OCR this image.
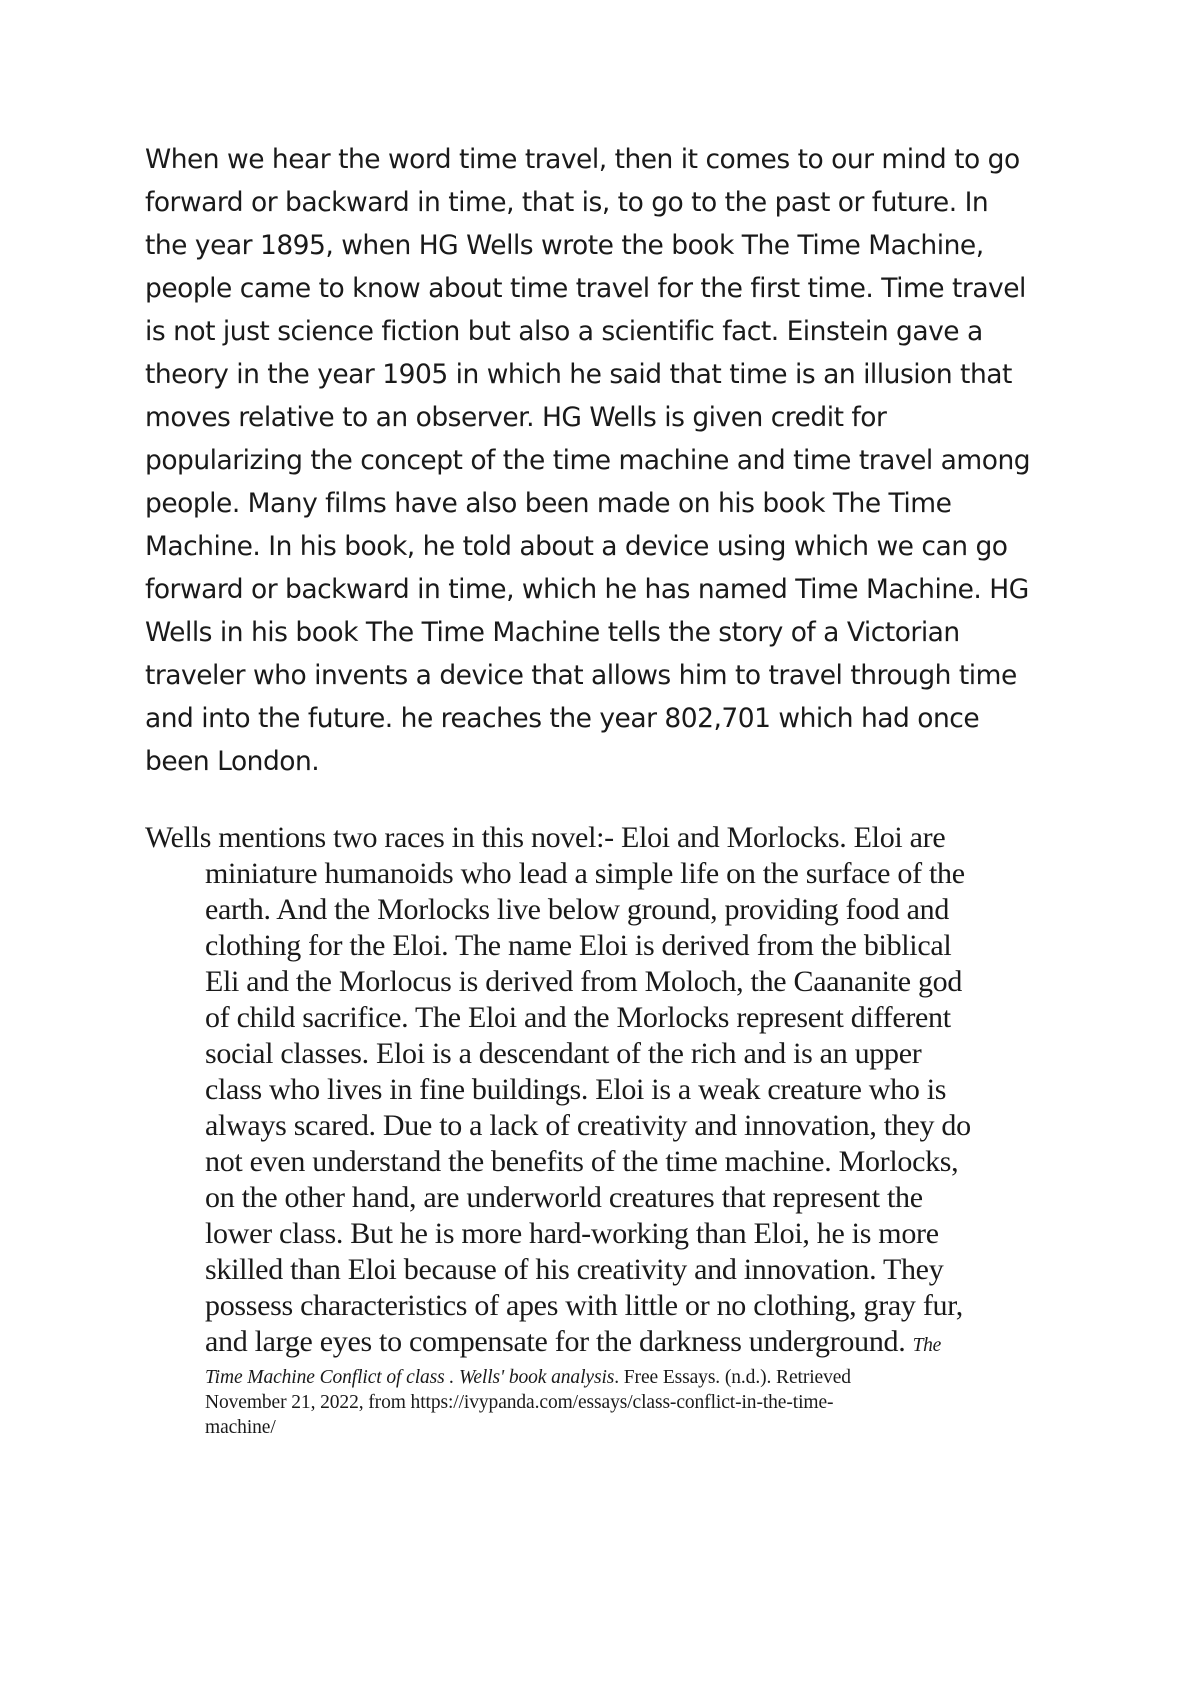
When we hear the word time travel, then it comes to our mind to go

forward or backward in time, that is, to go to the past or future. In

the year 1895, when HG Wells wrote the book The Time Machine,

people came to know about time travel for the first time. Time travel

is not just science fiction but also a scientific fact. Einstein gave a

theory in the year 1905 in which he said that time is an illusion that

moves relative to an observer. HG Wells is given credit for

popularizing the concept of the time machine and time travel among

people. Many films have also been made on his book The Time

Machine. In his book, he told about a device using which we can go

forward or backward in time, which he has named Time Machine. HG

Wells in his book The Time Machine tells the story of a Victorian

traveler who invents a device that allows him to travel through time

and into the future. he reaches the year 802,701 which had once

been London.

Wells mentions two races in this novel:- Eloi and Morlocks. Eloi are

miniature humanoids who lead a simple life on the surface of the

earth. And the Morlocks live below ground, providing food and

clothing for the Eloi. The name Eloi is derived from the biblical

Eli and the Morlocus is derived from Moloch, the Caananite god

of child sacrifice. The Eloi and the Morlocks represent different

social classes. Eloi is a descendant of the rich and is an upper

class who lives in fine buildings. Eloi is a weak creature who is

always scared. Due to a lack of creativity and innovation, they do

not even understand the benefits of the time machine. Morlocks,

on the other hand, are underworld creatures that represent the

lower class. But he is more hard-working than Eloi, he is more

skilled than Eloi because of his creativity and innovation. They

possess characteristics of apes with little or no clothing, gray fur,

and large eyes to compensate for the darkness underground. The

Time Machine Conflict of class . Wells' book analysis. Free Essays. (n.d.). Retrieved

November 21, 2022, from https://ivypanda.com/essays/class-conflict-in-the-time-

machine/
